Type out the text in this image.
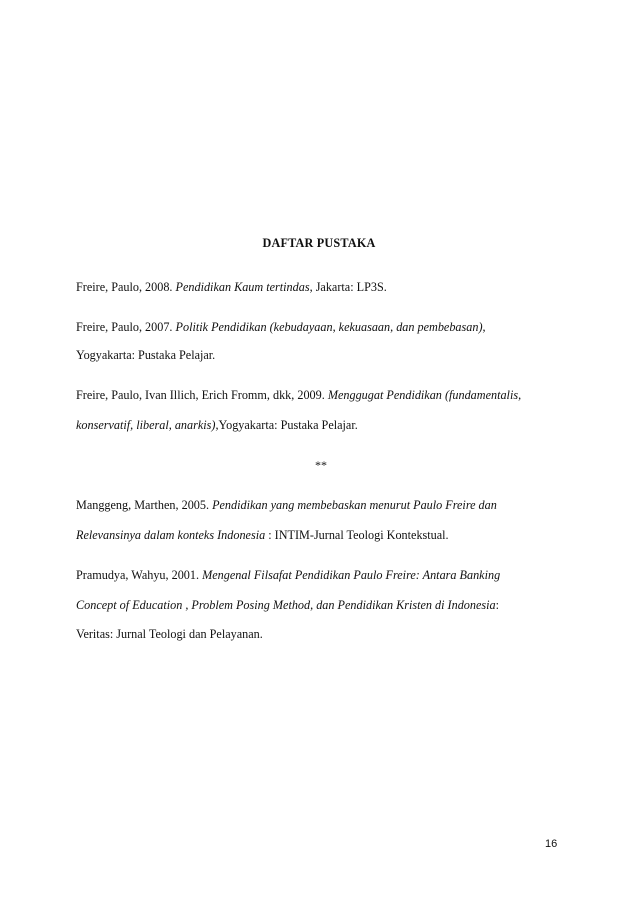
DAFTAR PUSTAKA
Freire, Paulo, 2008. Pendidikan Kaum tertindas, Jakarta: LP3S.
Freire, Paulo, 2007. Politik Pendidikan (kebudayaan, kekuasaan, dan pembebasan),
Yogyakarta: Pustaka Pelajar.
Freire, Paulo, Ivan Illich, Erich Fromm, dkk, 2009. Menggugat Pendidikan (fundamentalis,
konservatif, liberal, anarkis),Yogyakarta: Pustaka Pelajar.
**
Manggeng, Marthen, 2005. Pendidikan yang membebaskan menurut Paulo Freire dan
Relevansinya dalam konteks Indonesia : INTIM-Jurnal Teologi Kontekstual.
Pramudya, Wahyu, 2001. Mengenal Filsafat Pendidikan Paulo Freire: Antara Banking
Concept of Education , Problem Posing Method, dan Pendidikan Kristen di Indonesia:
Veritas: Jurnal Teologi dan Pelayanan.
16
